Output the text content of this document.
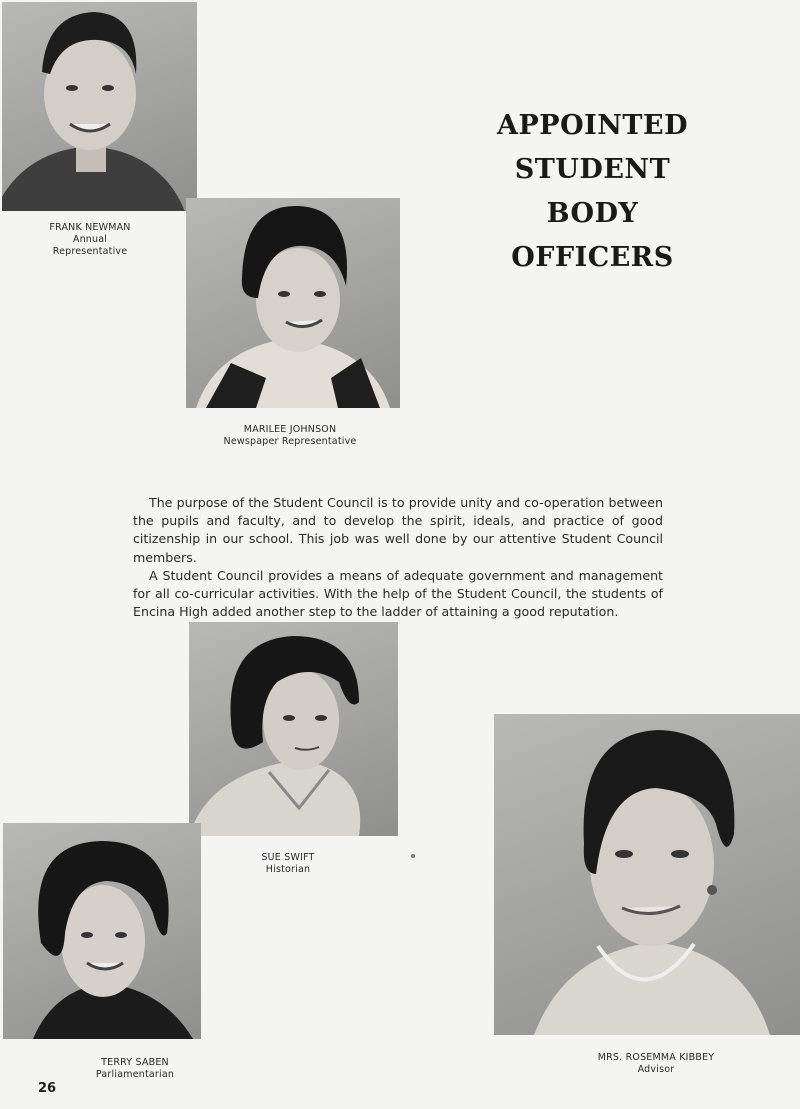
FRANK NEWMAN
Annual
Representative
MARILEE JOHNSON
Newspaper Representative
APPOINTED
STUDENT
BODY
OFFICERS

The purpose of the Student Council is to provide unity and co-operation between the pupils and faculty, and to develop the spirit, ideals, and practice of good citizenship in our school. This job was well done by our attentive Student Council members.

A Student Council provides a means of adequate government and management for all co-curricular activities. With the help of the Student Council, the students of Encina High added another step to the ladder of attaining a good reputation.

SUE SWIFT
Historian
MRS. ROSEMMA KIBBEY
Advisor
TERRY SABEN
Parliamentarian
26
